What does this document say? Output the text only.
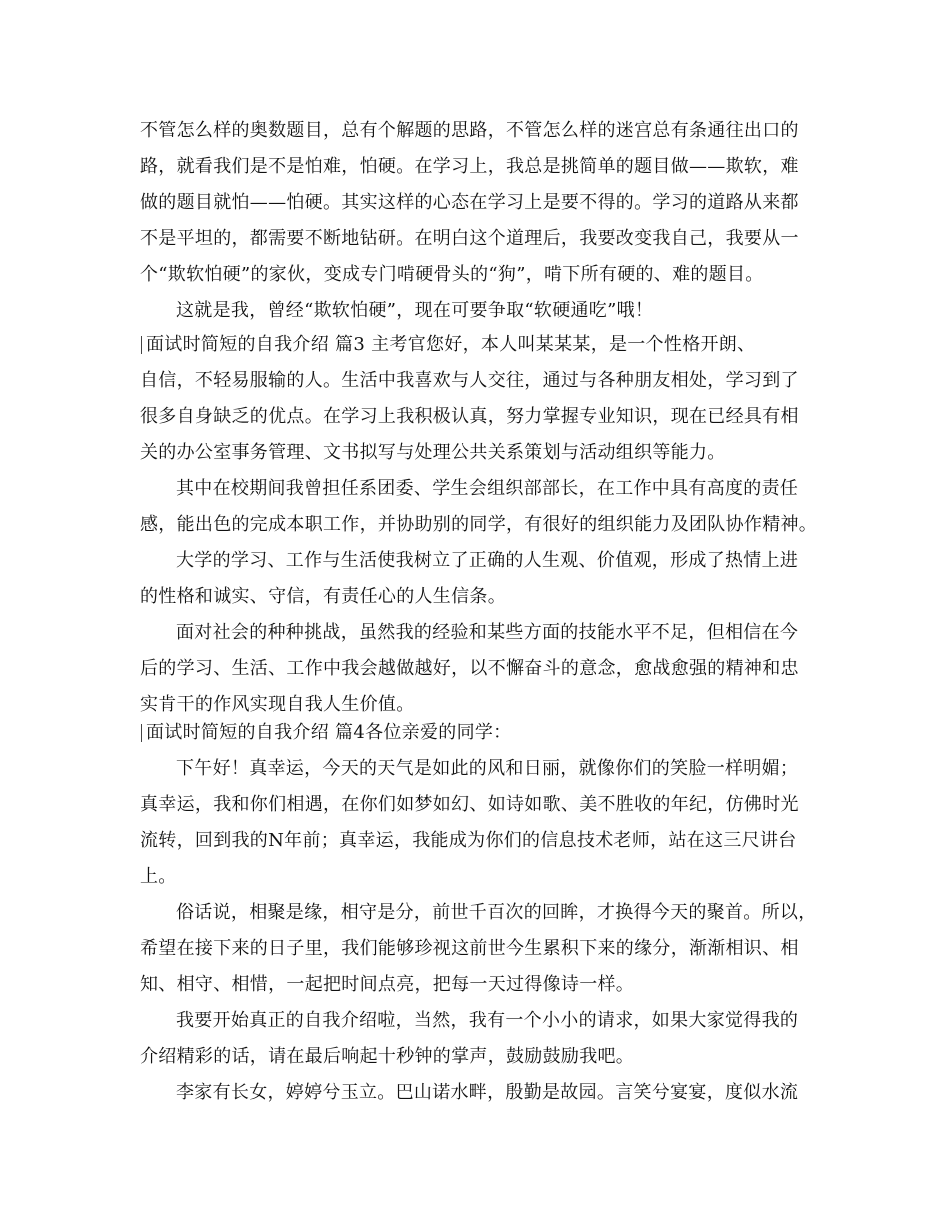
不管怎么样的奥数题目，总有个解题的思路，不管怎么样的迷宫总有条通往出口的
路，就看我们是不是怕难，怕硬。在学习上，我总是挑简单的题目做——欺软，难
做的题目就怕——怕硬。其实这样的心态在学习上是要不得的。学习的道路从来都
不是平坦的，都需要不断地钻研。在明白这个道理后，我要改变我自己，我要从一
个“欺软怕硬”的家伙，变成专门啃硬骨头的“狗”，啃下所有硬的、难的题目。
这就是我，曾经“欺软怕硬”，现在可要争取“软硬通吃”哦！
面试时简短的自我介绍 篇3 主考官您好，本人叫某某某，是一个性格开朗、
自信，不轻易服输的人。生活中我喜欢与人交往，通过与各种朋友相处，学习到了
很多自身缺乏的优点。在学习上我积极认真，努力掌握专业知识，现在已经具有相
关的办公室事务管理、文书拟写与处理公共关系策划与活动组织等能力。
其中在校期间我曾担任系团委、学生会组织部部长，在工作中具有高度的责任
感，能出色的完成本职工作，并协助别的同学，有很好的组织能力及团队协作精神。
大学的学习、工作与生活使我树立了正确的人生观、价值观，形成了热情上进
的性格和诚实、守信，有责任心的人生信条。
面对社会的种种挑战，虽然我的经验和某些方面的技能水平不足，但相信在今
后的学习、生活、工作中我会越做越好，以不懈奋斗的意念，愈战愈强的精神和忠
实肯干的作风实现自我人生价值。
面试时简短的自我介绍 篇4各位亲爱的同学：
下午好！真幸运，今天的天气是如此的风和日丽，就像你们的笑脸一样明媚；
真幸运，我和你们相遇，在你们如梦如幻、如诗如歌、美不胜收的年纪，仿佛时光
流转，回到我的N年前；真幸运，我能成为你们的信息技术老师，站在这三尺讲台
上。
俗话说，相聚是缘，相守是分，前世千百次的回眸，才换得今天的聚首。所以，
希望在接下来的日子里，我们能够珍视这前世今生累积下来的缘分，渐渐相识、相
知、相守、相惜，一起把时间点亮，把每一天过得像诗一样。
我要开始真正的自我介绍啦，当然，我有一个小小的请求，如果大家觉得我的
介绍精彩的话，请在最后响起十秒钟的掌声，鼓励鼓励我吧。
李家有长女，婷婷兮玉立。巴山诺水畔，殷勤是故园。言笑兮宴宴，度似水流
